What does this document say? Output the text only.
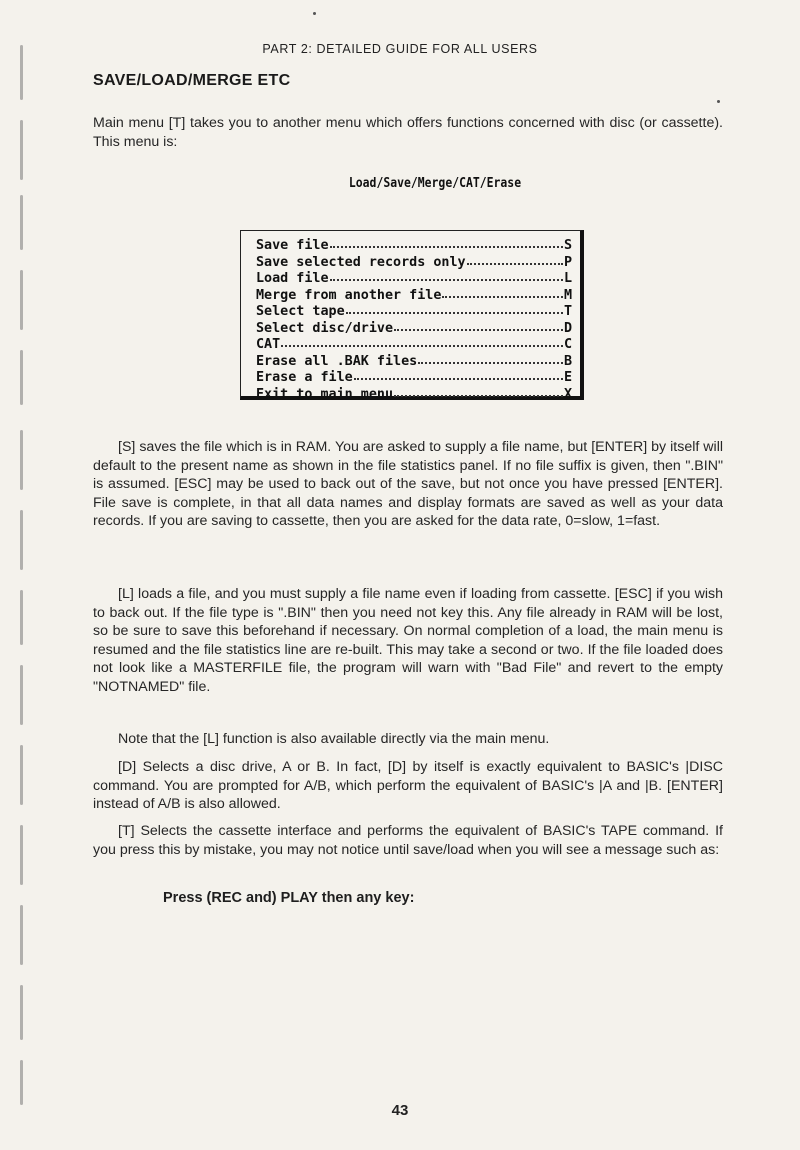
PART 2: DETAILED GUIDE FOR ALL USERS
SAVE/LOAD/MERGE ETC
Main menu [T] takes you to another menu which offers functions concerned with disc (or cassette). This menu is:
Load/Save/Merge/CAT/Erase
Save file	S
Save selected records only	P
Load file	L
Merge from another file	M
Select tape	T
Select disc/drive	D
CAT	C
Erase all .BAK files	B
Erase a file	E
Exit to main menu	X
[S] saves the file which is in RAM. You are asked to supply a file name, but [ENTER] by itself will default to the present name as shown in the file statistics panel. If no file suffix is given, then ".BIN" is assumed. [ESC] may be used to back out of the save, but not once you have pressed [ENTER]. File save is complete, in that all data names and display formats are saved as well as your data records. If you are saving to cassette, then you are asked for the data rate, 0=slow, 1=fast.
[L] loads a file, and you must supply a file name even if loading from cassette. [ESC] if you wish to back out. If the file type is ".BIN" then you need not key this. Any file already in RAM will be lost, so be sure to save this beforehand if necessary. On normal completion of a load, the main menu is resumed and the file statistics line are re-built. This may take a second or two. If the file loaded does not look like a MASTERFILE file, the program will warn with "Bad File" and revert to the empty "NOTNAMED" file.
Note that the [L] function is also available directly via the main menu.
[D] Selects a disc drive, A or B. In fact, [D] by itself is exactly equivalent to BASIC's |DISC command. You are prompted for A/B, which perform the equivalent of BASIC's |A and |B. [ENTER] instead of A/B is also allowed.
[T] Selects the cassette interface and performs the equivalent of BASIC's TAPE command. If you press this by mistake, you may not notice until save/load when you will see a message such as:
Press (REC and) PLAY then any key:
43
